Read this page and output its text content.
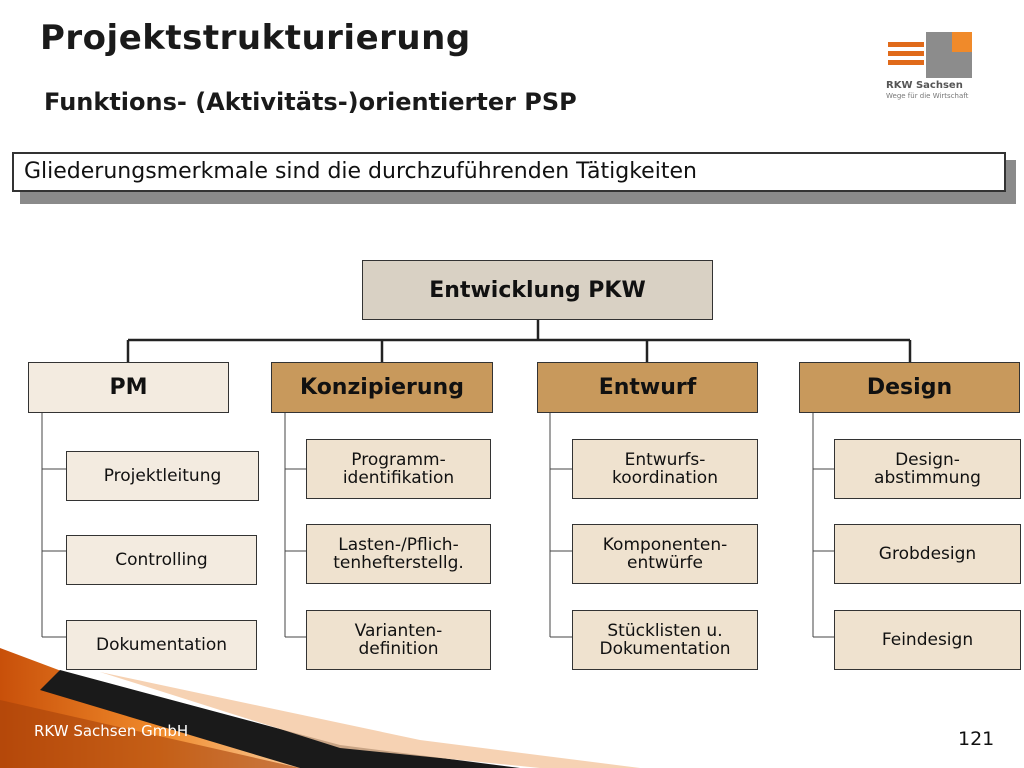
Projektstrukturierung
Funktions- (Aktivitäts-)orientierter PSP
RKW Sachsen
Wege für die Wirtschaft
Gliederungsmerkmale sind die durchzuführenden Tätigkeiten
Entwicklung PKW
PM	Konzipierung	Entwurf	Design
Projektleitung
Controlling
Dokumentation
Programm-
identifikation
Lasten-/Pflich-
tenhefterstellg.
Varianten-
definition
Entwurfs-
koordination
Komponenten-
entwürfe
Stücklisten u.
Dokumentation
Design-
abstimmung
Grobdesign
Feindesign
RKW Sachsen GmbH	121
